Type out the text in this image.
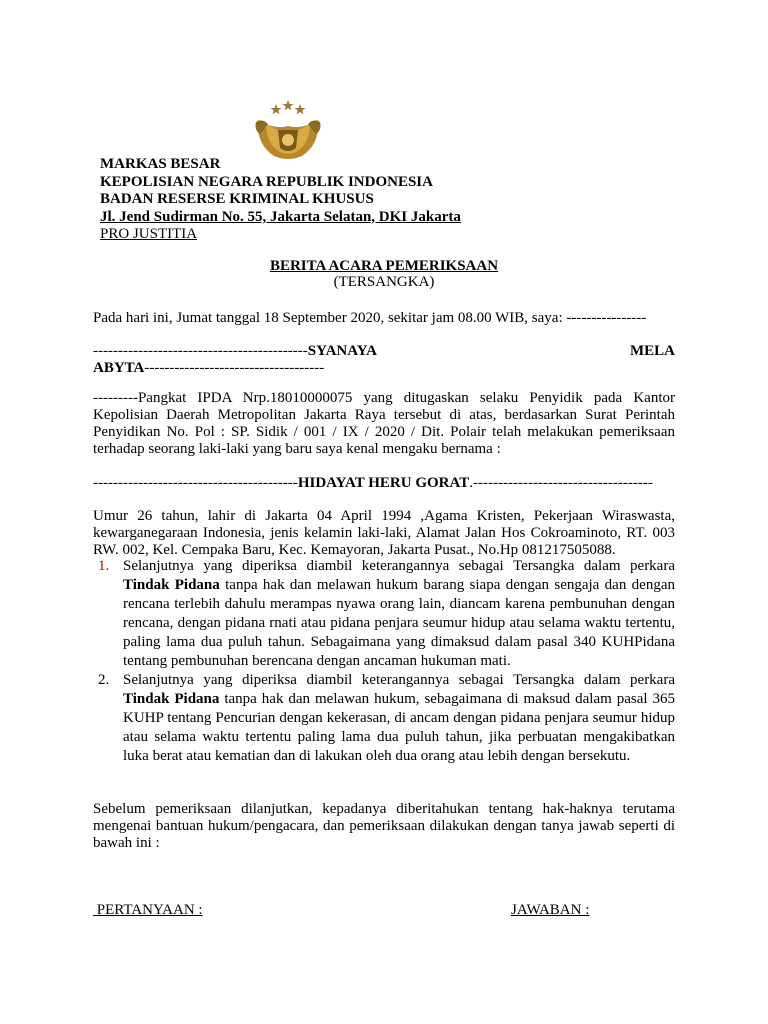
MARKAS BESAR
KEPOLISIAN NEGARA REPUBLIK INDONESIA
BADAN RESERSE KRIMINAL KHUSUS
Jl. Jend Sudirman No. 55, Jakarta Selatan, DKI Jakarta
PRO JUSTITIA
BERITA ACARA PEMERIKSAAN
(TERSANGKA)
Pada hari ini, Jumat tanggal 18 September 2020, sekitar jam 08.00 WIB, saya: ----------------
-------------------------------------------SYANAYA	MELA
ABYTA------------------------------------
---------Pangkat IPDA Nrp.18010000075 yang ditugaskan selaku Penyidik pada Kantor Kepolisian Daerah Metropolitan Jakarta Raya tersebut di atas, berdasarkan Surat Perintah Penyidikan No. Pol : SP. Sidik / 001 / IX / 2020 / Dit. Polair telah melakukan pemeriksaan terhadap seorang laki-laki yang baru saya kenal mengaku bernama :
-----------------------------------------HIDAYAT HERU GORAT.------------------------------------
Umur 26 tahun, lahir di Jakarta 04 April 1994 ,Agama Kristen, Pekerjaan Wiraswasta, kewarganegaraan Indonesia, jenis kelamin laki-laki, Alamat Jalan Hos Cokroaminoto, RT. 003 RW. 002, Kel. Cempaka Baru, Kec. Kemayoran, Jakarta Pusat., No.Hp 081217505088.
1. Selanjutnya yang diperiksa diambil keterangannya sebagai Tersangka dalam perkara Tindak Pidana tanpa hak dan melawan hukum barang siapa dengan sengaja dan dengan rencana terlebih dahulu merampas nyawa orang lain, diancam karena pembunuhan dengan rencana, dengan pidana rnati atau pidana penjara seumur hidup atau selama waktu tertentu, paling lama dua puluh tahun. Sebagaimana yang dimaksud dalam pasal 340 KUHPidana tentang pembunuhan berencana dengan ancaman hukuman mati.
2. Selanjutnya yang diperiksa diambil keterangannya sebagai Tersangka dalam perkara Tindak Pidana tanpa hak dan melawan hukum, sebagaimana di maksud dalam pasal 365 KUHP tentang Pencurian dengan kekerasan, di ancam dengan pidana penjara seumur hidup atau selama waktu tertentu paling lama dua puluh tahun, jika perbuatan mengakibatkan luka berat atau kematian dan di lakukan oleh dua orang atau lebih dengan bersekutu.
Sebelum pemeriksaan dilanjutkan, kepadanya diberitahukan tentang hak-haknya terutama mengenai bantuan hukum/pengacara, dan pemeriksaan dilakukan dengan tanya jawab seperti di bawah ini :
PERTANYAAN :	JAWABAN :
